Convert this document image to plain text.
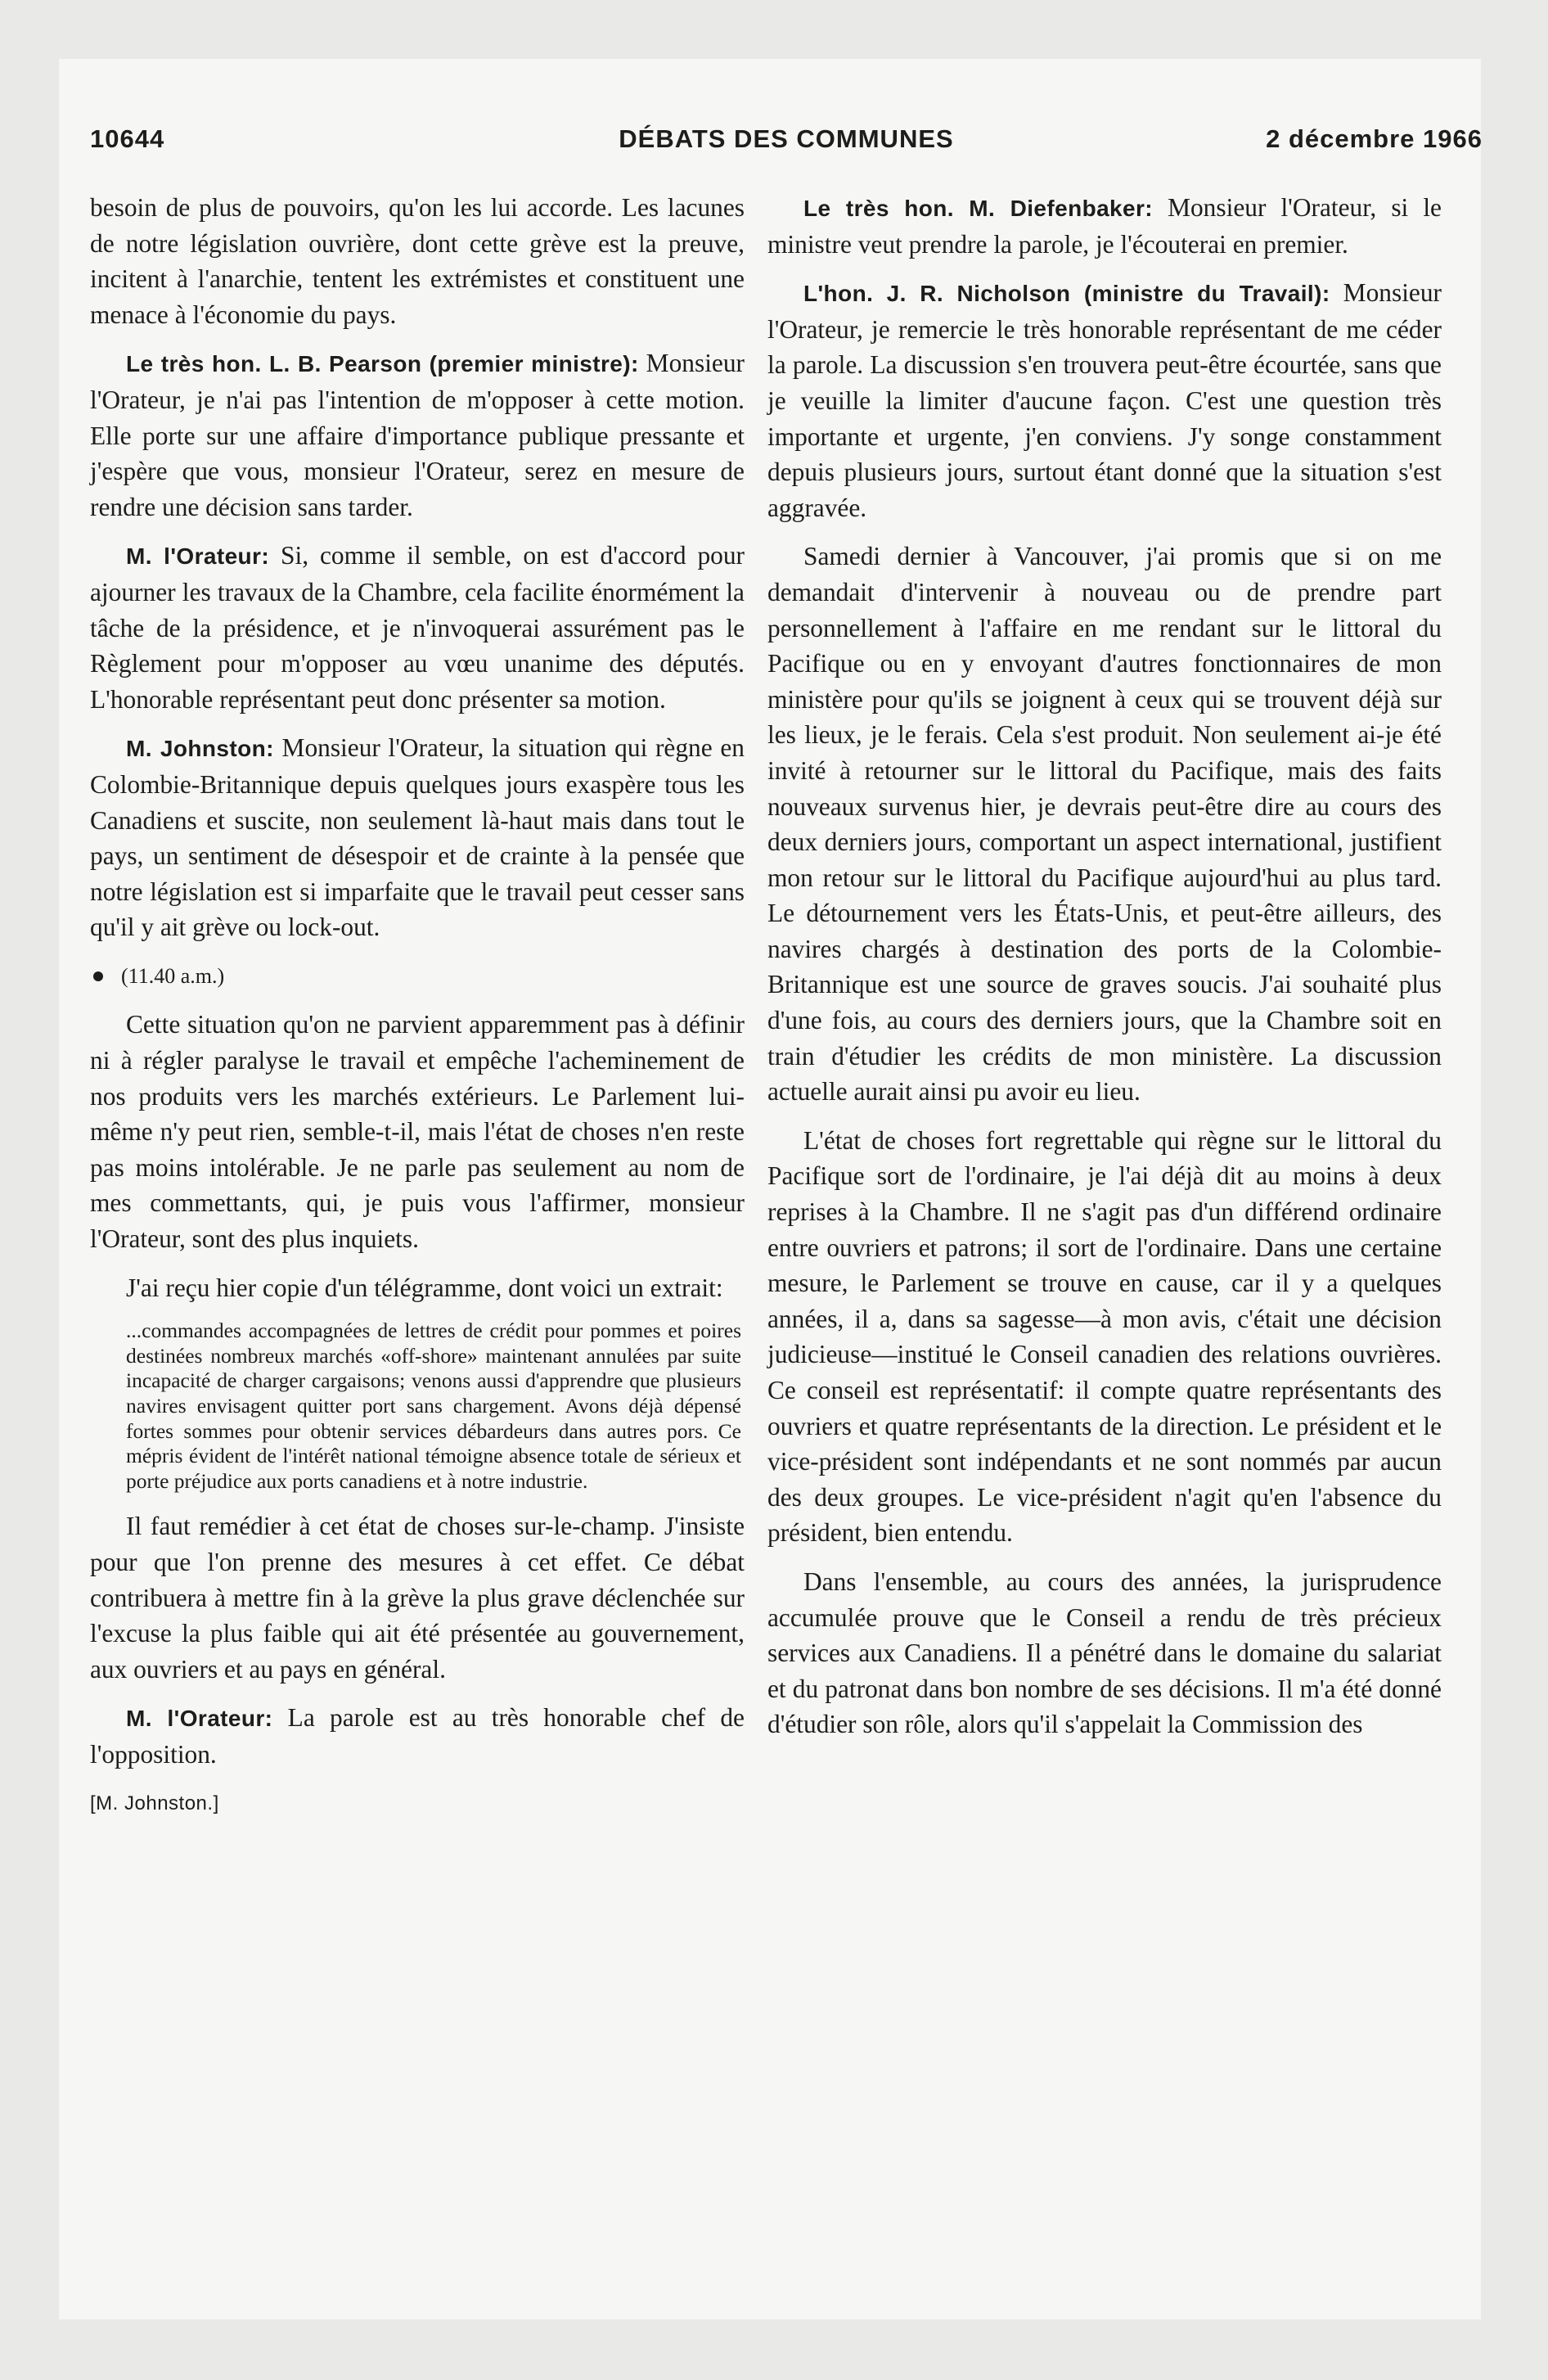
10644	DÉBATS DES COMMUNES	2 décembre 1966

besoin de plus de pouvoirs, qu'on les lui accorde. Les lacunes de notre législation ouvrière, dont cette grève est la preuve, incitent à l'anarchie, tentent les extrémistes et constituent une menace à l'économie du pays.

Le très hon. L. B. Pearson (premier ministre): Monsieur l'Orateur, je n'ai pas l'intention de m'opposer à cette motion. Elle porte sur une affaire d'importance publique pressante et j'espère que vous, monsieur l'Orateur, serez en mesure de rendre une décision sans tarder.

M. l'Orateur: Si, comme il semble, on est d'accord pour ajourner les travaux de la Chambre, cela facilite énormément la tâche de la présidence, et je n'invoquerai assurément pas le Règlement pour m'opposer au vœu unanime des députés. L'honorable représentant peut donc présenter sa motion.

M. Johnston: Monsieur l'Orateur, la situation qui règne en Colombie-Britannique depuis quelques jours exaspère tous les Canadiens et suscite, non seulement là-haut mais dans tout le pays, un sentiment de désespoir et de crainte à la pensée que notre législation est si imparfaite que le travail peut cesser sans qu'il y ait grève ou lock-out.

(11.40 a.m.)

Cette situation qu'on ne parvient apparemment pas à définir ni à régler paralyse le travail et empêche l'acheminement de nos produits vers les marchés extérieurs. Le Parlement lui-même n'y peut rien, semble-t-il, mais l'état de choses n'en reste pas moins intolérable. Je ne parle pas seulement au nom de mes commettants, qui, je puis vous l'affirmer, monsieur l'Orateur, sont des plus inquiets.

J'ai reçu hier copie d'un télégramme, dont voici un extrait:

...commandes accompagnées de lettres de crédit pour pommes et poires destinées nombreux marchés «off-shore» maintenant annulées par suite incapacité de charger cargaisons; venons aussi d'apprendre que plusieurs navires envisagent quitter port sans chargement. Avons déjà dépensé fortes sommes pour obtenir services débardeurs dans autres pors. Ce mépris évident de l'intérêt national témoigne absence totale de sérieux et porte préjudice aux ports canadiens et à notre industrie.

Il faut remédier à cet état de choses sur-le-champ. J'insiste pour que l'on prenne des mesures à cet effet. Ce débat contribuera à mettre fin à la grève la plus grave déclenchée sur l'excuse la plus faible qui ait été présentée au gouvernement, aux ouvriers et au pays en général.

M. l'Orateur: La parole est au très honorable chef de l'opposition.

[M. Johnston.]

Le très hon. M. Diefenbaker: Monsieur l'Orateur, si le ministre veut prendre la parole, je l'écouterai en premier.

L'hon. J. R. Nicholson (ministre du Travail): Monsieur l'Orateur, je remercie le très honorable représentant de me céder la parole. La discussion s'en trouvera peut-être écourtée, sans que je veuille la limiter d'aucune façon. C'est une question très importante et urgente, j'en conviens. J'y songe constamment depuis plusieurs jours, surtout étant donné que la situation s'est aggravée.

Samedi dernier à Vancouver, j'ai promis que si on me demandait d'intervenir à nouveau ou de prendre part personnellement à l'affaire en me rendant sur le littoral du Pacifique ou en y envoyant d'autres fonctionnaires de mon ministère pour qu'ils se joignent à ceux qui se trouvent déjà sur les lieux, je le ferais. Cela s'est produit. Non seulement ai-je été invité à retourner sur le littoral du Pacifique, mais des faits nouveaux survenus hier, je devrais peut-être dire au cours des deux derniers jours, comportant un aspect international, justifient mon retour sur le littoral du Pacifique aujourd'hui au plus tard. Le détournement vers les États-Unis, et peut-être ailleurs, des navires chargés à destination des ports de la Colombie-Britannique est une source de graves soucis. J'ai souhaité plus d'une fois, au cours des derniers jours, que la Chambre soit en train d'étudier les crédits de mon ministère. La discussion actuelle aurait ainsi pu avoir eu lieu.

L'état de choses fort regrettable qui règne sur le littoral du Pacifique sort de l'ordinaire, je l'ai déjà dit au moins à deux reprises à la Chambre. Il ne s'agit pas d'un différend ordinaire entre ouvriers et patrons; il sort de l'ordinaire. Dans une certaine mesure, le Parlement se trouve en cause, car il y a quelques années, il a, dans sa sagesse—à mon avis, c'était une décision judicieuse—institué le Conseil canadien des relations ouvrières. Ce conseil est représentatif: il compte quatre représentants des ouvriers et quatre représentants de la direction. Le président et le vice-président sont indépendants et ne sont nommés par aucun des deux groupes. Le vice-président n'agit qu'en l'absence du président, bien entendu.

Dans l'ensemble, au cours des années, la jurisprudence accumulée prouve que le Conseil a rendu de très précieux services aux Canadiens. Il a pénétré dans le domaine du salariat et du patronat dans bon nombre de ses décisions. Il m'a été donné d'étudier son rôle, alors qu'il s'appelait la Commission des
